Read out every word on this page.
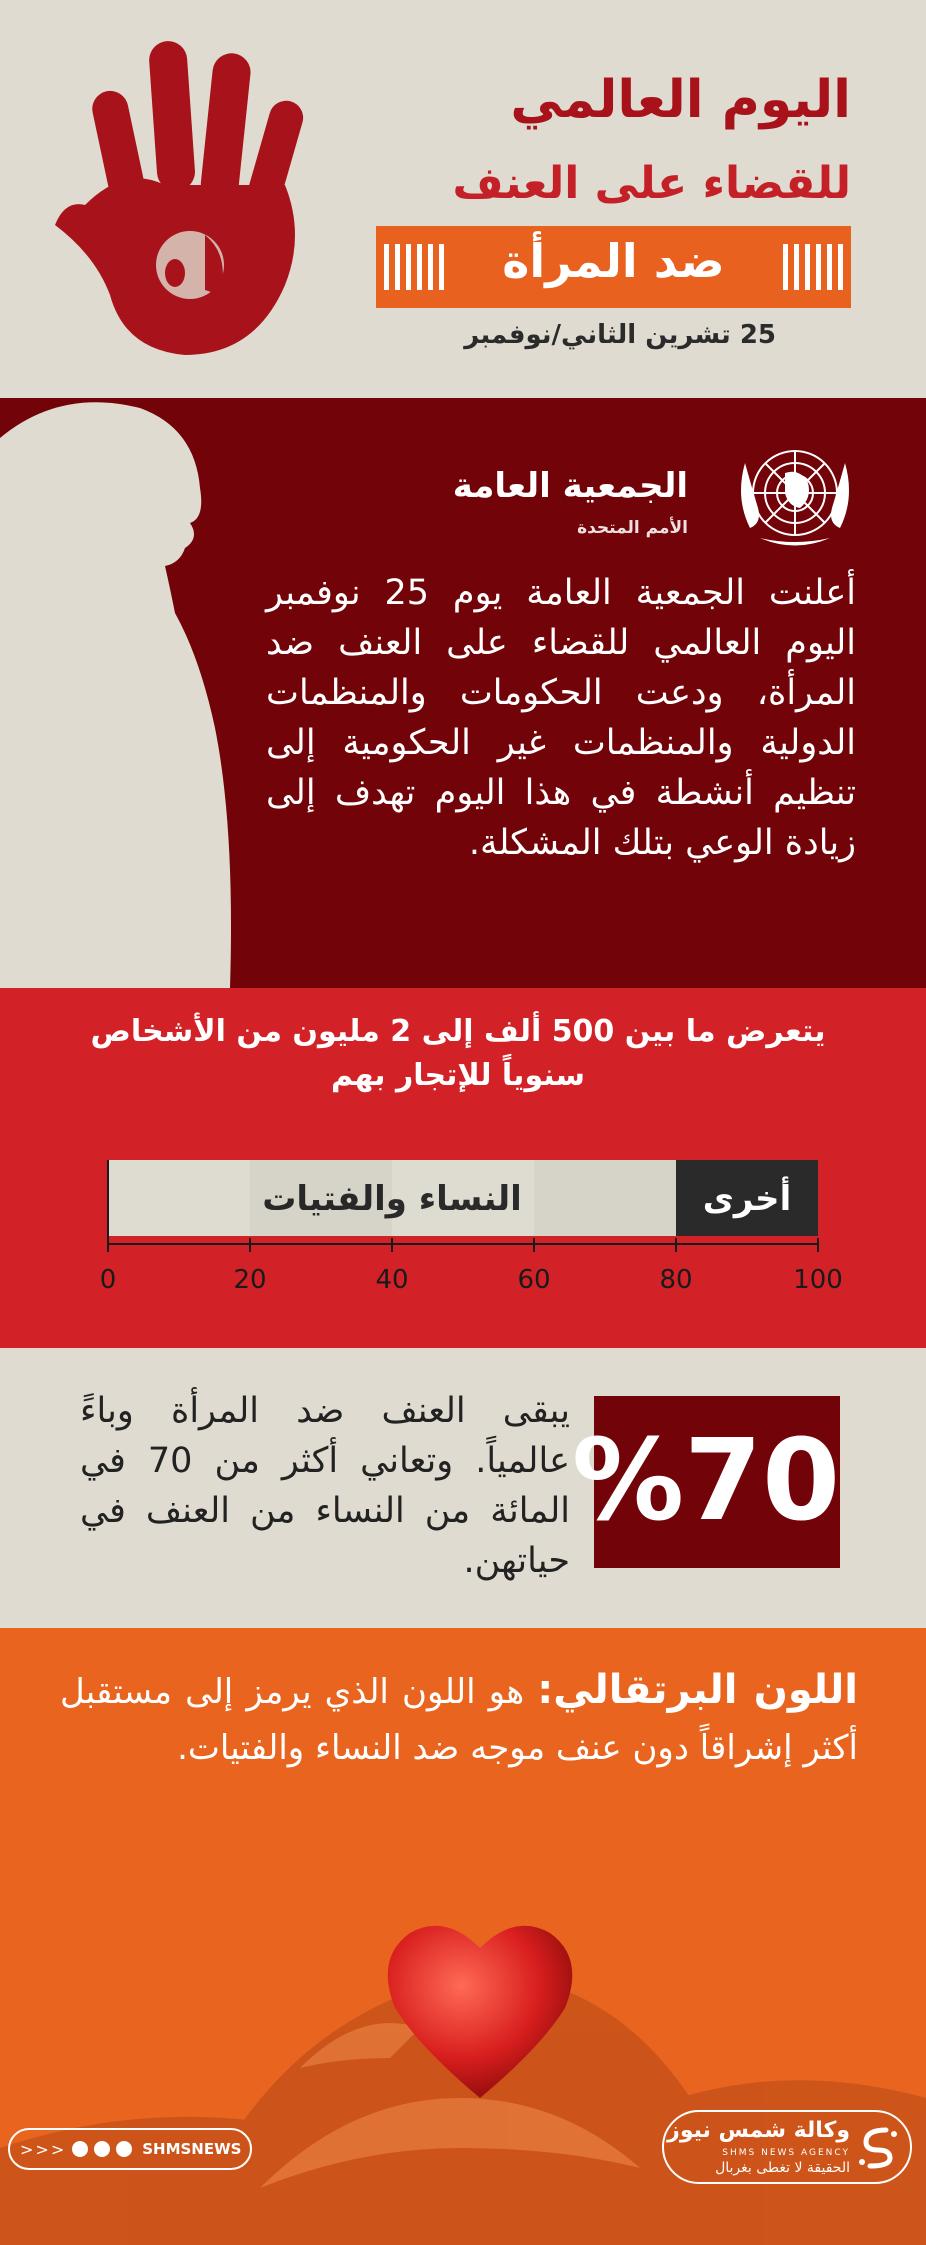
اليوم العالمي
للقضاء على العنف
ضد المرأة
25 تشرين الثاني/نوفمبر
الجمعية العامة
الأمم المتحدة
أعلنت الجمعية العامة يوم 25 نوفمبر اليوم العالمي للقضاء على العنف ضد المرأة، ودعت الحكومات والمنظمات الدولية والمنظمات غير الحكومية إلى تنظيم أنشطة في هذا اليوم تهدف إلى زيادة الوعي بتلك المشكلة.
يتعرض ما بين 500 ألف إلى 2 مليون من الأشخاص سنوياً للإتجار بهم
النساء والفتيات	أخرى
0	20	40	60	80	100
%70
يبقى العنف ضد المرأة وباءً عالمياً. وتعاني أكثر من 70 في المائة من النساء من العنف في حياتهن.
اللون البرتقالي: هو اللون الذي يرمز إلى مستقبل أكثر إشراقاً دون عنف موجه ضد النساء والفتيات.
>>>	SHMSNEWS
وكالة شمس نيوز
SHMS NEWS AGENCY
الحقيقة لا تغطى بغربال
